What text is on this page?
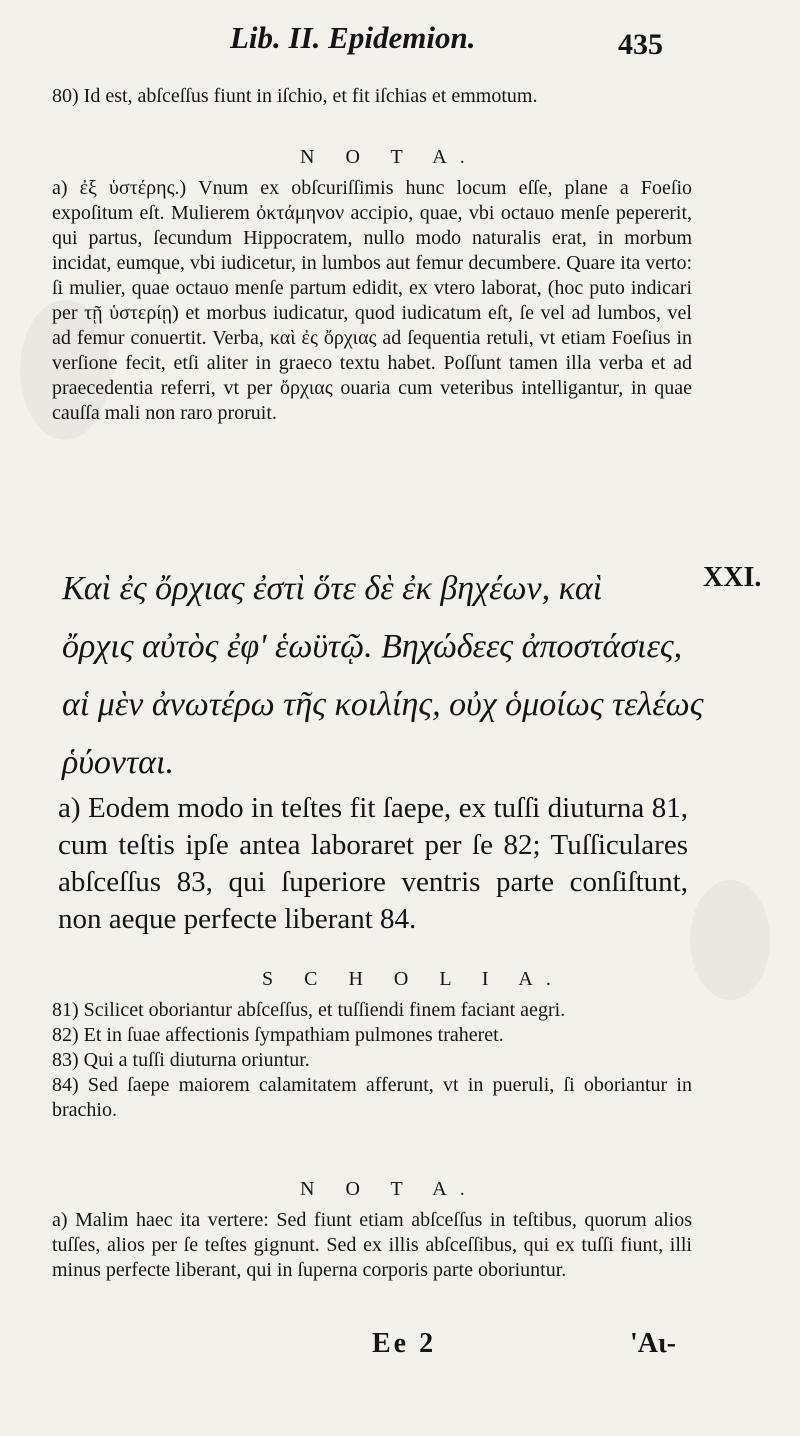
Lib. II. Epidemion.	435

80) Id est, abſceſſus fiunt in iſchio, et fit iſchias et emmotum.

N O T A.

a) ἐξ ὑστέρης.) Vnum ex obſcuriſſimis hunc locum eſſe, plane a Foeſio expoſitum eſt. Mulierem ὀκτάμηνον accipio, quae, vbi octauo menſe pepererit, qui partus, ſecundum Hippocratem, nullo modo naturalis erat, in morbum incidat, eumque, vbi iudicetur, in lumbos aut femur decumbere. Quare ita verto: ſi mulier, quae octauo menſe partum edidit, ex vtero laborat, (hoc puto indicari per τῇ ὑστερίῃ) et morbus iudicatur, quod iudicatum eſt, ſe vel ad lumbos, vel ad femur conuertit. Verba, καὶ ἐς ὄρχιας ad ſequentia retuli, vt etiam Foeſius in verſione fecit, etſi aliter in graeco textu habet. Poſſunt tamen illa verba et ad praecedentia referri, vt per ὄρχιας ouaria cum veteribus intelligantur, in quae cauſſa mali non raro proruit.

XXI.
Καὶ ἐς ὄρχιας ἐστὶ ὅτε δὲ ἐκ βηχέων, καὶ
ὄρχις αὐτὸς ἐφ' ἑωϋτῷ. Βηχώδεες ἀποστάσιες,
αἱ μὲν ἀνωτέρω τῆς κοιλίης, οὐχ ὁμοίως τελέως
ῥύονται.

a) Eodem modo in teſtes fit ſaepe, ex tuſſi diuturna 81, cum teſtis ipſe antea laboraret per ſe 82; Tuſſiculares abſceſſus 83, qui ſuperiore ventris parte conſiſtunt, non aeque perfecte liberant 84.

S C H O L I A.

81) Scilicet oboriantur abſceſſus, et tuſſiendi finem faciant aegri.

82) Et in ſuae affectionis ſympathiam pulmones traheret.

83) Qui a tuſſi diuturna oriuntur.

84) Sed ſaepe maiorem calamitatem afferunt, vt in pueruli, ſi oboriantur in brachio.

N O T A.

a) Malim haec ita vertere: Sed fiunt etiam abſceſſus in teſtibus, quorum alios tuſſes, alios per ſe teſtes gignunt. Sed ex illis abſceſſibus, qui ex tuſſi fiunt, illi minus perfecte liberant, qui in ſuperna corporis parte oboriuntur.

Ee 2	'Aι-
